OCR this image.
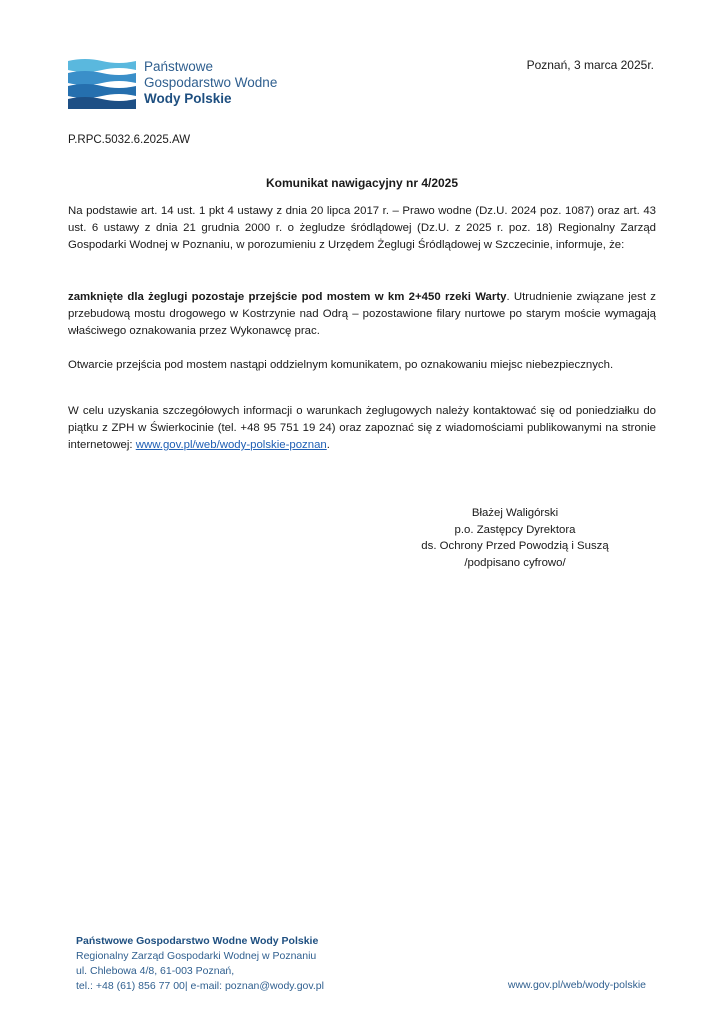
Państwowe
Gospodarstwo Wodne
Wody Polskie
Poznań, 3 marca 2025r.
P.RPC.5032.6.2025.AW
Komunikat nawigacyjny nr 4/2025
Na podstawie art. 14 ust. 1 pkt 4 ustawy z dnia 20 lipca 2017 r. – Prawo wodne (Dz.U. 2024 poz. 1087) oraz art. 43 ust. 6 ustawy z dnia 21 grudnia 2000 r. o żegludze śródlądowej (Dz.U. z 2025 r. poz. 18) Regionalny Zarząd Gospodarki Wodnej w Poznaniu, w porozumieniu z Urzędem Żeglugi Śródlądowej w Szczecinie, informuje, że:
zamknięte dla żeglugi pozostaje przejście pod mostem w km 2+450 rzeki Warty. Utrudnienie związane jest z przebudową mostu drogowego w Kostrzynie nad Odrą – pozostawione filary nurtowe po starym moście wymagają właściwego oznakowania przez Wykonawcę prac.
Otwarcie przejścia pod mostem nastąpi oddzielnym komunikatem, po oznakowaniu miejsc niebezpiecznych.
W celu uzyskania szczegółowych informacji o warunkach żeglugowych należy kontaktować się od poniedziałku do piątku z ZPH w Świerkocinie (tel. +48 95 751 19 24) oraz zapoznać się z wiadomościami publikowanymi na stronie internetowej: www.gov.pl/web/wody-polskie-poznan.
Błażej Waligórski
p.o. Zastępcy Dyrektora
ds. Ochrony Przed Powodzią i Suszą
/podpisano cyfrowo/
Państwowe Gospodarstwo Wodne Wody Polskie
Regionalny Zarząd Gospodarki Wodnej w Poznaniu
ul. Chlebowa 4/8, 61-003 Poznań,
tel.: +48 (61) 856 77 00| e-mail: poznan@wody.gov.pl	www.gov.pl/web/wody-polskie
